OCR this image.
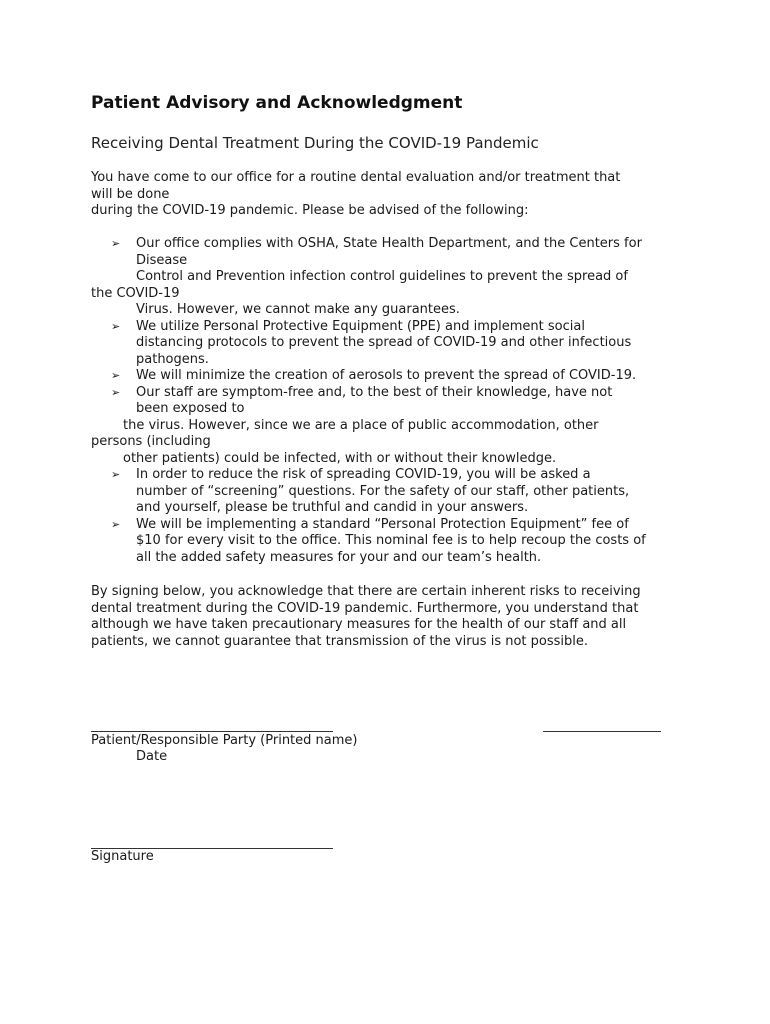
Patient Advisory and Acknowledgment
Receiving Dental Treatment During the COVID-19 Pandemic
You have come to our office for a routine dental evaluation and/or treatment that
will be done
during the COVID-19 pandemic. Please be advised of the following:
➢	Our office complies with OSHA, State Health Department, and the Centers for
Disease
Control and Prevention infection control guidelines to prevent the spread of
the COVID-19
Virus. However, we cannot make any guarantees.
➢	We utilize Personal Protective Equipment (PPE) and implement social
distancing protocols to prevent the spread of COVID-19 and other infectious
pathogens.
➢	We will minimize the creation of aerosols to prevent the spread of COVID-19.
➢	Our staff are symptom-free and, to the best of their knowledge, have not
been exposed to
the virus. However, since we are a place of public accommodation, other
persons (including
other patients) could be infected, with or without their knowledge.
➢	In order to reduce the risk of spreading COVID-19, you will be asked a
number of “screening” questions. For the safety of our staff, other patients,
and yourself, please be truthful and candid in your answers.
➢	We will be implementing a standard “Personal Protection Equipment” fee of
$10 for every visit to the office. This nominal fee is to help recoup the costs of
all the added safety measures for your and our team’s health.
By signing below, you acknowledge that there are certain inherent risks to receiving
dental treatment during the COVID-19 pandemic. Furthermore, you understand that
although we have taken precautionary measures for the health of our staff and all
patients, we cannot guarantee that transmission of the virus is not possible.
Patient/Responsible Party (Printed name)
Date
Signature
